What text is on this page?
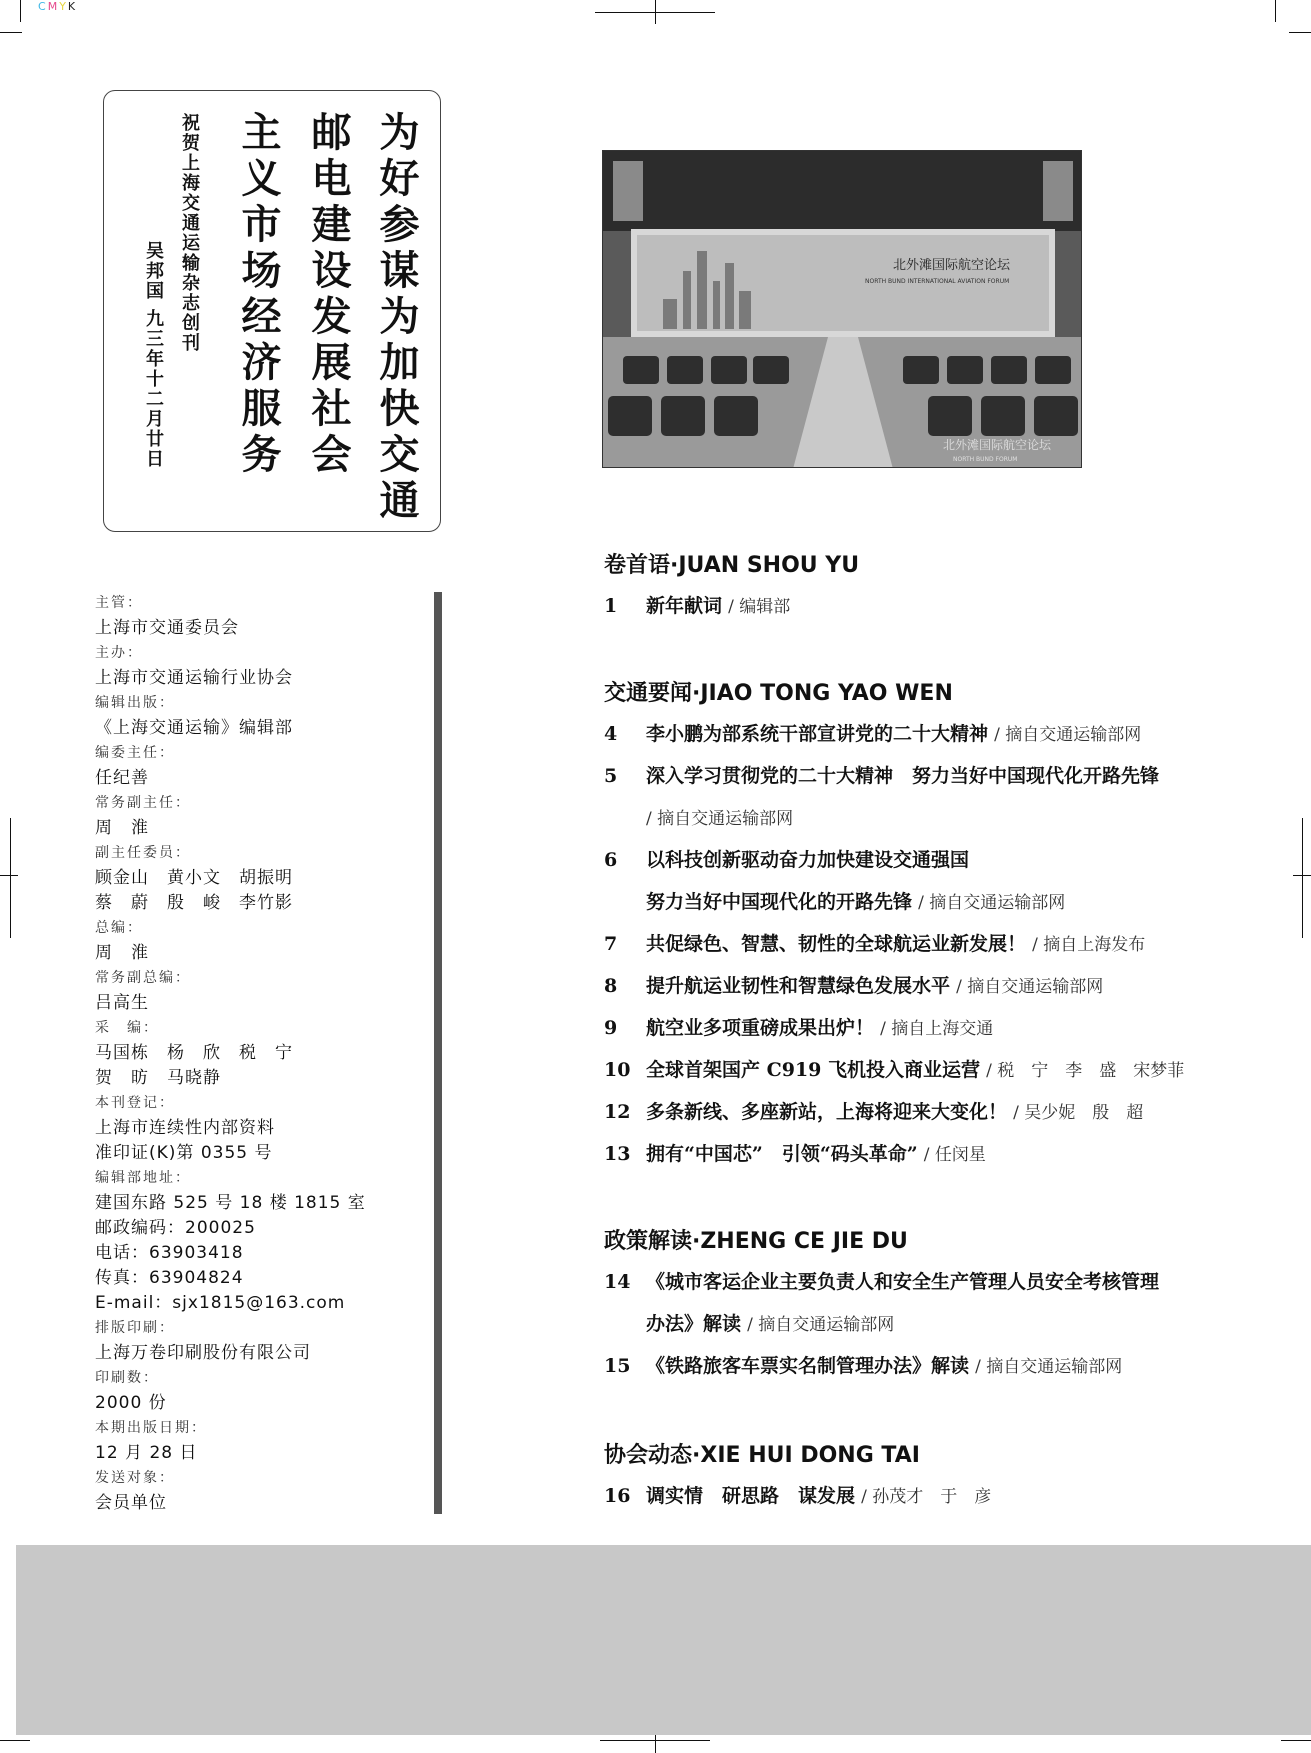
CMYK
为好参谋为加快交通
邮电建设发展社会
主义市场经济服务
祝贺上海交通运输杂志创刊
吴邦国 九三年十二月廿日	北外滩国际航空论坛
NORTH BUND INTERNATIONAL AVIATION FORUM
北外滩国际航空论坛
NORTH BUND FORUM
主管：
上海市交通委员会
主办：
上海市交通运输行业协会
编辑出版：
《上海交通运输》编辑部
编委主任：
任纪善
常务副主任：
周　淮
副主任委员：
顾金山 黄小文 胡振明
蔡　蔚 殷　峻 李竹影
总编：
周　淮
常务副总编：
吕高生
采　编：
马国栋 杨　欣 税　宁
贺　昉 马晓静
本刊登记：
上海市连续性内部资料
准印证(K)第 0355 号
编辑部地址：
建国东路 525 号 18 楼 1815 室
邮政编码：200025
电话：63903418
传真：63904824
E-mail：sjx1815@163.com
排版印刷：
上海万卷印刷股份有限公司
印刷数：
2000 份
本期出版日期：
12 月 28 日
发送对象：
会员单位
卷首语·JUAN SHOU YU
1 新年献词 / 编辑部
交通要闻·JIAO TONG YAO WEN
4 李小鹏为部系统干部宣讲党的二十大精神 / 摘自交通运输部网
5 深入学习贯彻党的二十大精神　努力当好中国现代化开路先锋
/ 摘自交通运输部网
6 以科技创新驱动奋力加快建设交通强国
努力当好中国现代化的开路先锋 / 摘自交通运输部网
7 共促绿色、智慧、韧性的全球航运业新发展！ / 摘自上海发布
8 提升航运业韧性和智慧绿色发展水平 / 摘自交通运输部网
9 航空业多项重磅成果出炉！ / 摘自上海交通
10 全球首架国产 C919 飞机投入商业运营 / 税　宁　李　盛　宋梦菲
12 多条新线、多座新站，上海将迎来大变化！ / 吴少妮　殷　超
13 拥有“中国芯”　引领“码头革命” / 任闵星
政策解读·ZHENG CE JIE DU
14 《城市客运企业主要负责人和安全生产管理人员安全考核管理
办法》解读 / 摘自交通运输部网
15 《铁路旅客车票实名制管理办法》解读 / 摘自交通运输部网
协会动态·XIE HUI DONG TAI
16 调实情　研思路　谋发展 / 孙茂才　于　彦
